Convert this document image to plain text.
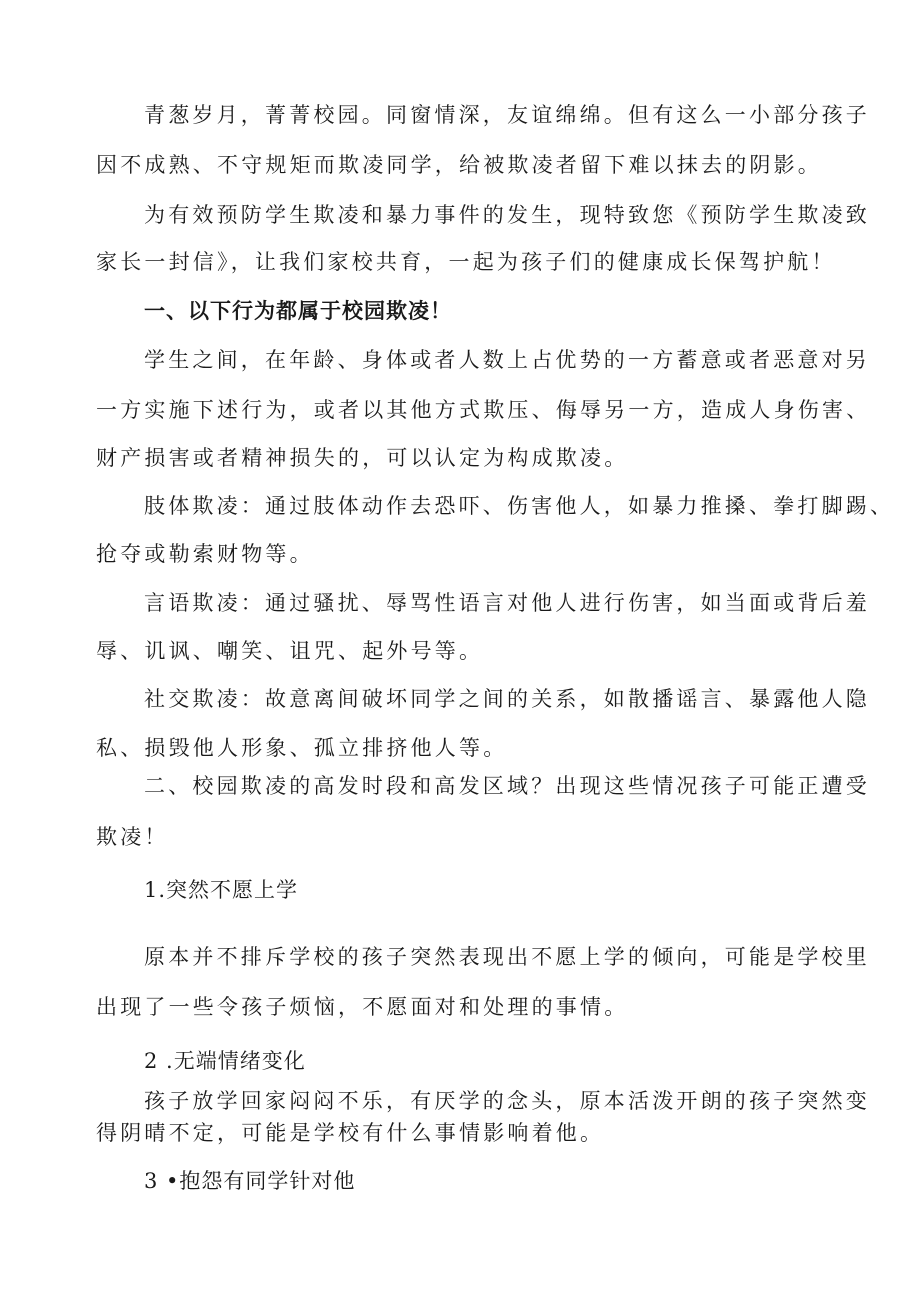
青葱岁月，菁菁校园。同窗情深，友谊绵绵。但有这么一小部分孩子
因不成熟、不守规矩而欺凌同学，给被欺凌者留下难以抹去的阴影。
为有效预防学生欺凌和暴力事件的发生，现特致您《预防学生欺凌致
家长一封信》，让我们家校共育，一起为孩子们的健康成长保驾护航！
一、以下行为都属于校园欺凌！
学生之间，在年龄、身体或者人数上占优势的一方蓄意或者恶意对另
一方实施下述行为，或者以其他方式欺压、侮辱另一方，造成人身伤害、
财产损害或者精神损失的，可以认定为构成欺凌。
肢体欺凌：通过肢体动作去恐吓、伤害他人，如暴力推搡、拳打脚踢、
抢夺或勒索财物等。
言语欺凌：通过骚扰、辱骂性语言对他人进行伤害，如当面或背后羞
辱、讥讽、嘲笑、诅咒、起外号等。
社交欺凌：故意离间破坏同学之间的关系，如散播谣言、暴露他人隐
私、损毁他人形象、孤立排挤他人等。
二、校园欺凌的高发时段和高发区域？出现这些情况孩子可能正遭受
欺凌！
1.突然不愿上学
原本并不排斥学校的孩子突然表现出不愿上学的倾向，可能是学校里
出现了一些令孩子烦恼，不愿面对和处理的事情。
2 .无端情绪变化
孩子放学回家闷闷不乐，有厌学的念头，原本活泼开朗的孩子突然变
得阴晴不定，可能是学校有什么事情影响着他。
3 •抱怨有同学针对他
